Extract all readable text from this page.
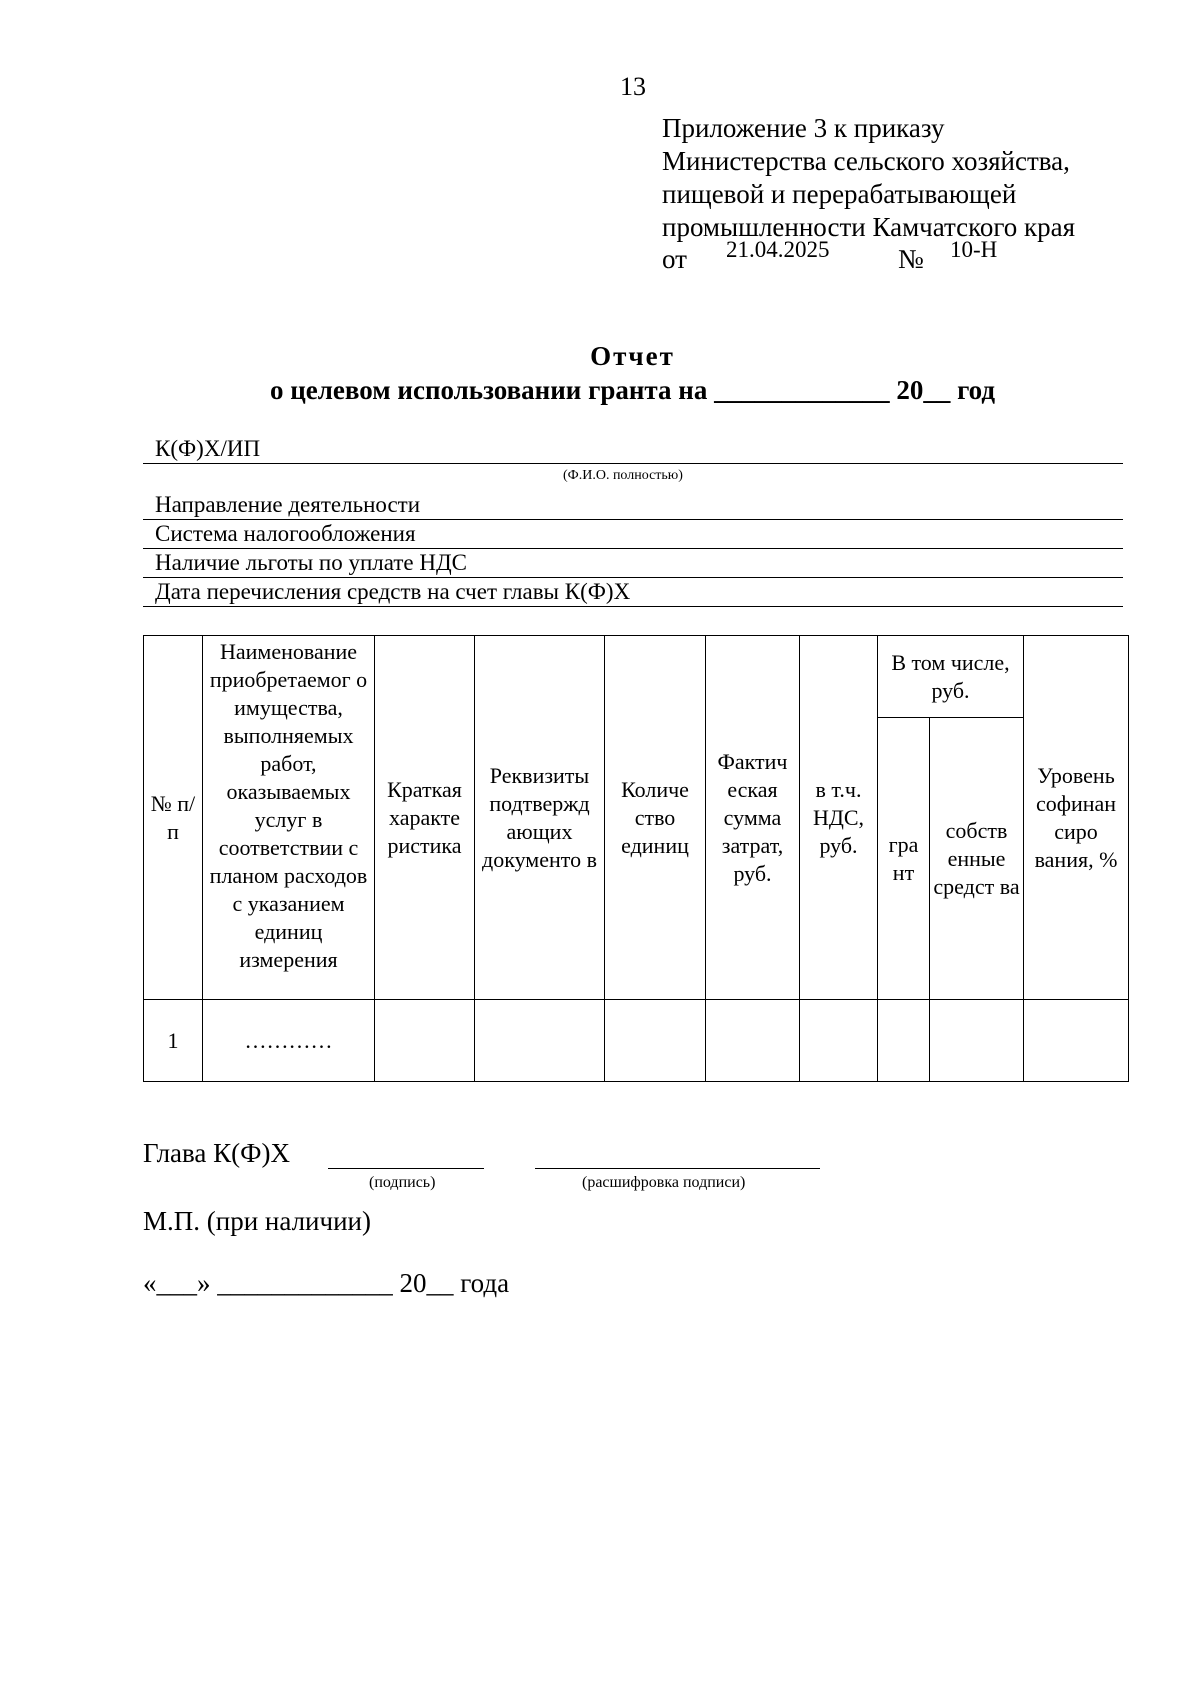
13
Приложение 3 к приказу
Министерства сельского хозяйства,
пищевой и перерабатывающей
промышленности Камчатского края
от 21.04.2025	№ 10-Н
Отчет
о целевом использовании гранта на _____________ 20__ год
К(Ф)Х/ИП
(Ф.И.О. полностью)
Направление деятельности
Система налогообложения
Наличие льготы по уплате НДС
Дата перечисления средств на счет главы К(Ф)Х
№ п/п	Наименование приобретаемог о имущества, выполняемых работ, оказываемых услуг в соответствии с планом расходов с указанием единиц измерения	Краткая характе ристика	Реквизиты подтвержд ающих документо в	Количе ство единиц	Фактич еская сумма затрат, руб.	в т.ч. НДС, руб.	В том числе, руб.		Уровень софинан сиро вания, %
							гра нт	собств енные средст ва	
1	…………								
Глава К(Ф)Х
(подпись)	(расшифровка подписи)
М.П. (при наличии)
«___» _____________ 20__ года
